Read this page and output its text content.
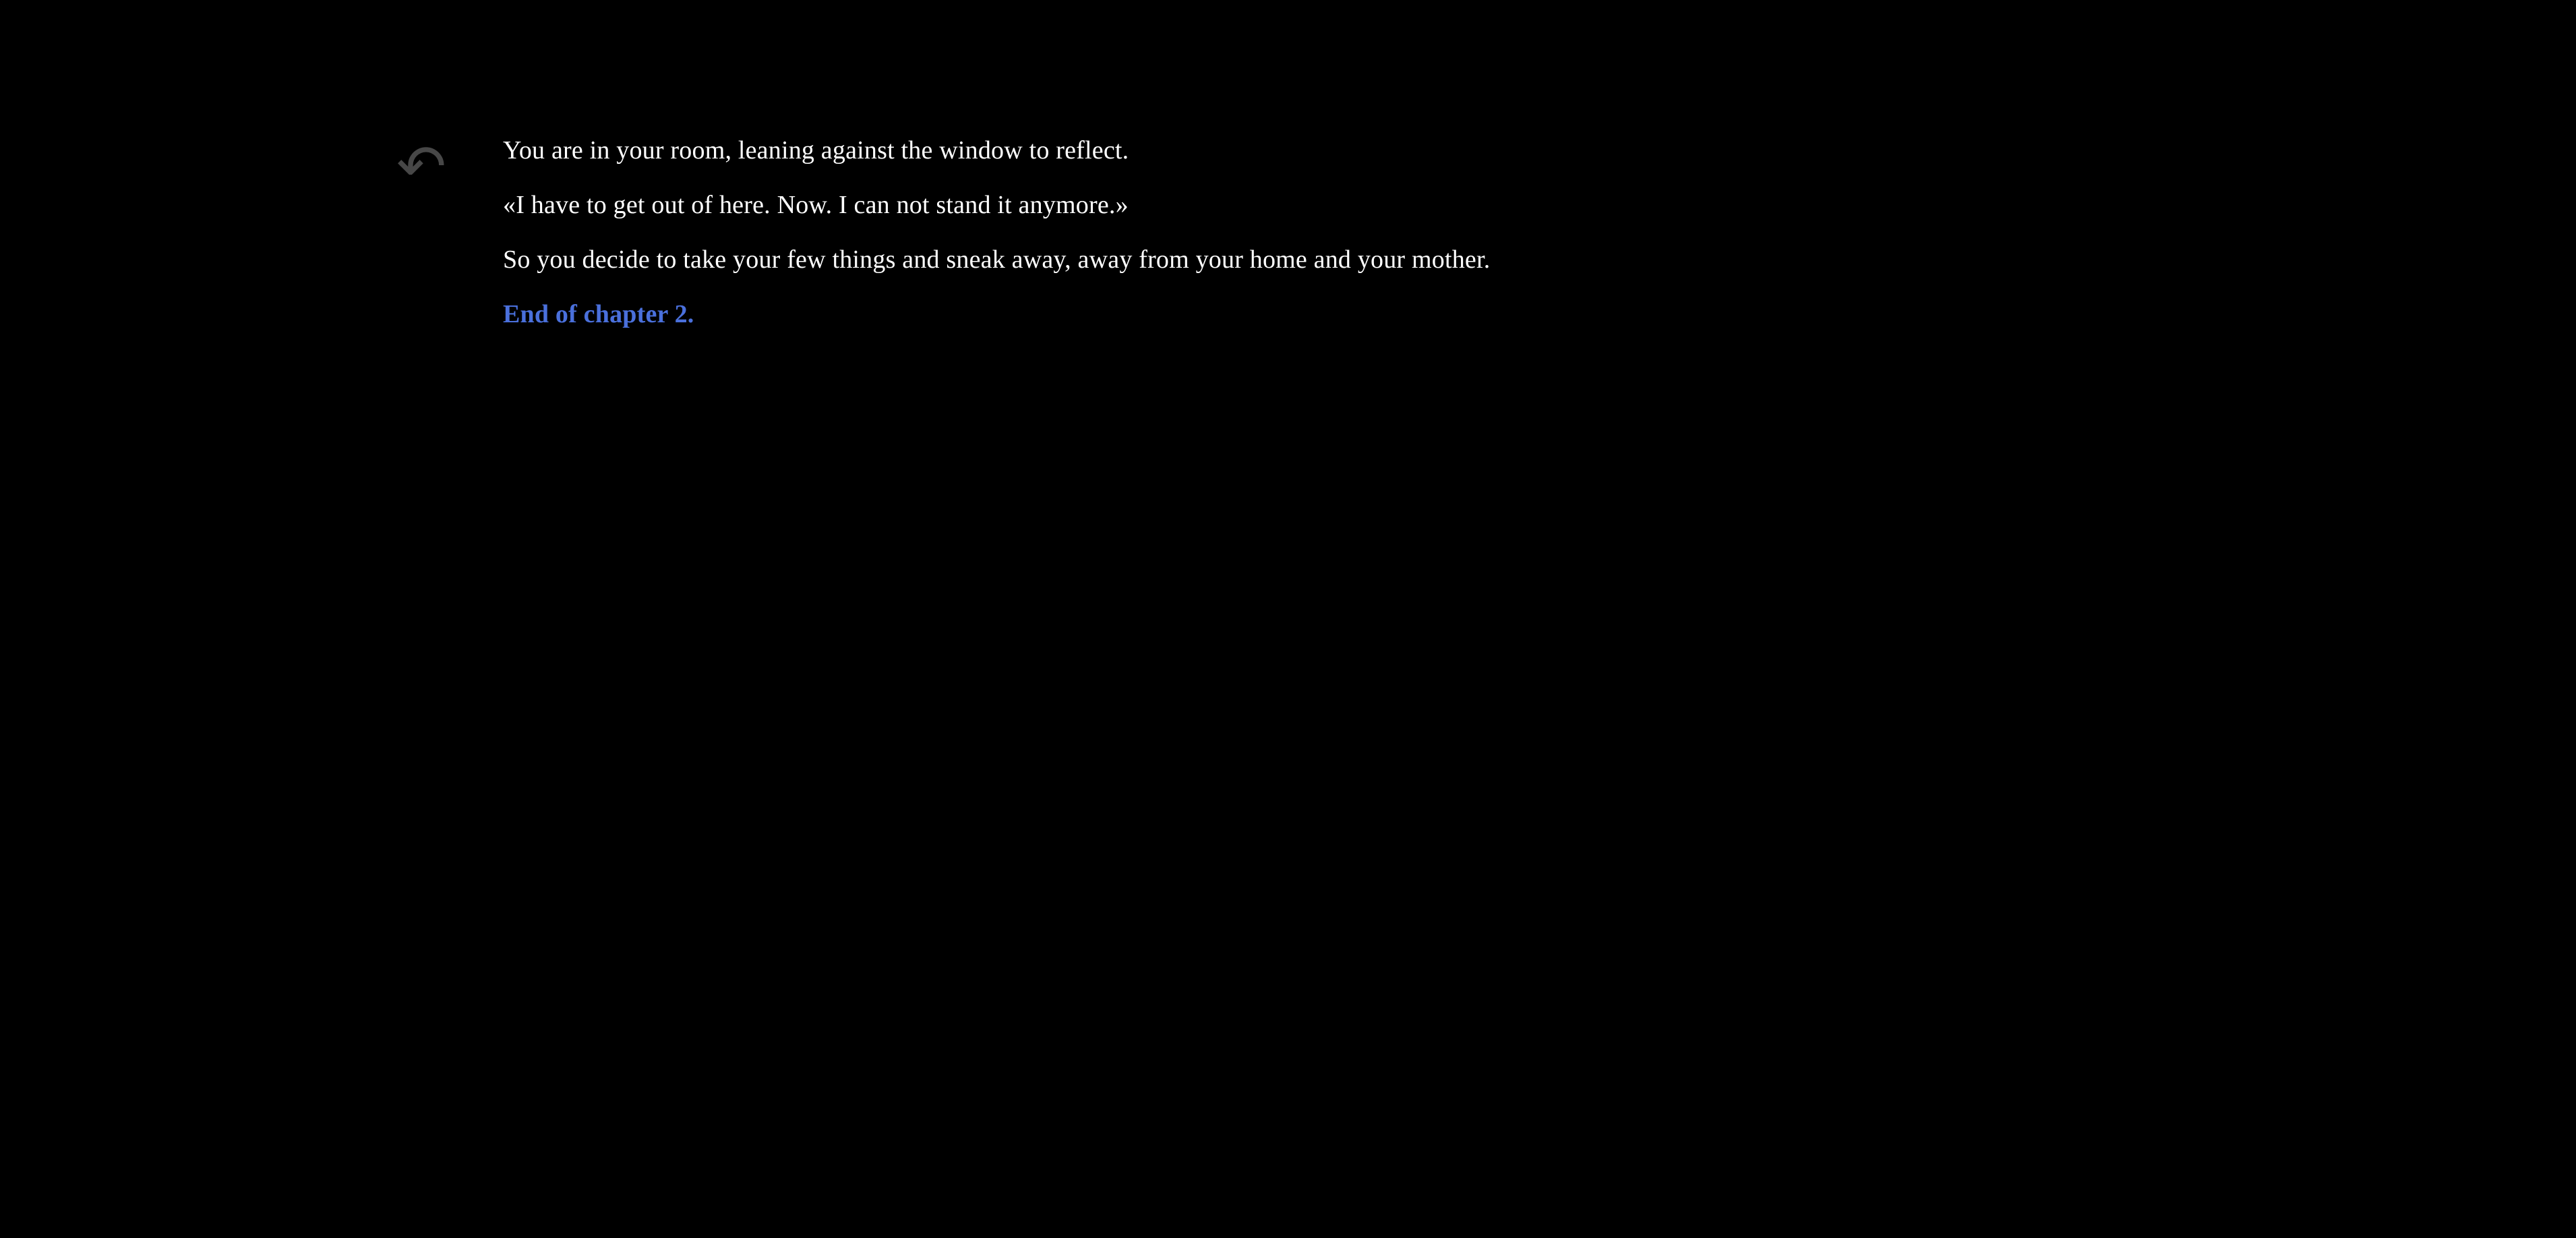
↶	You are in your room, leaning against the window to reflect.
«I have to get out of here. Now. I can not stand it anymore.»
So you decide to take your few things and sneak away, away from your home and your mother.
End of chapter 2.
